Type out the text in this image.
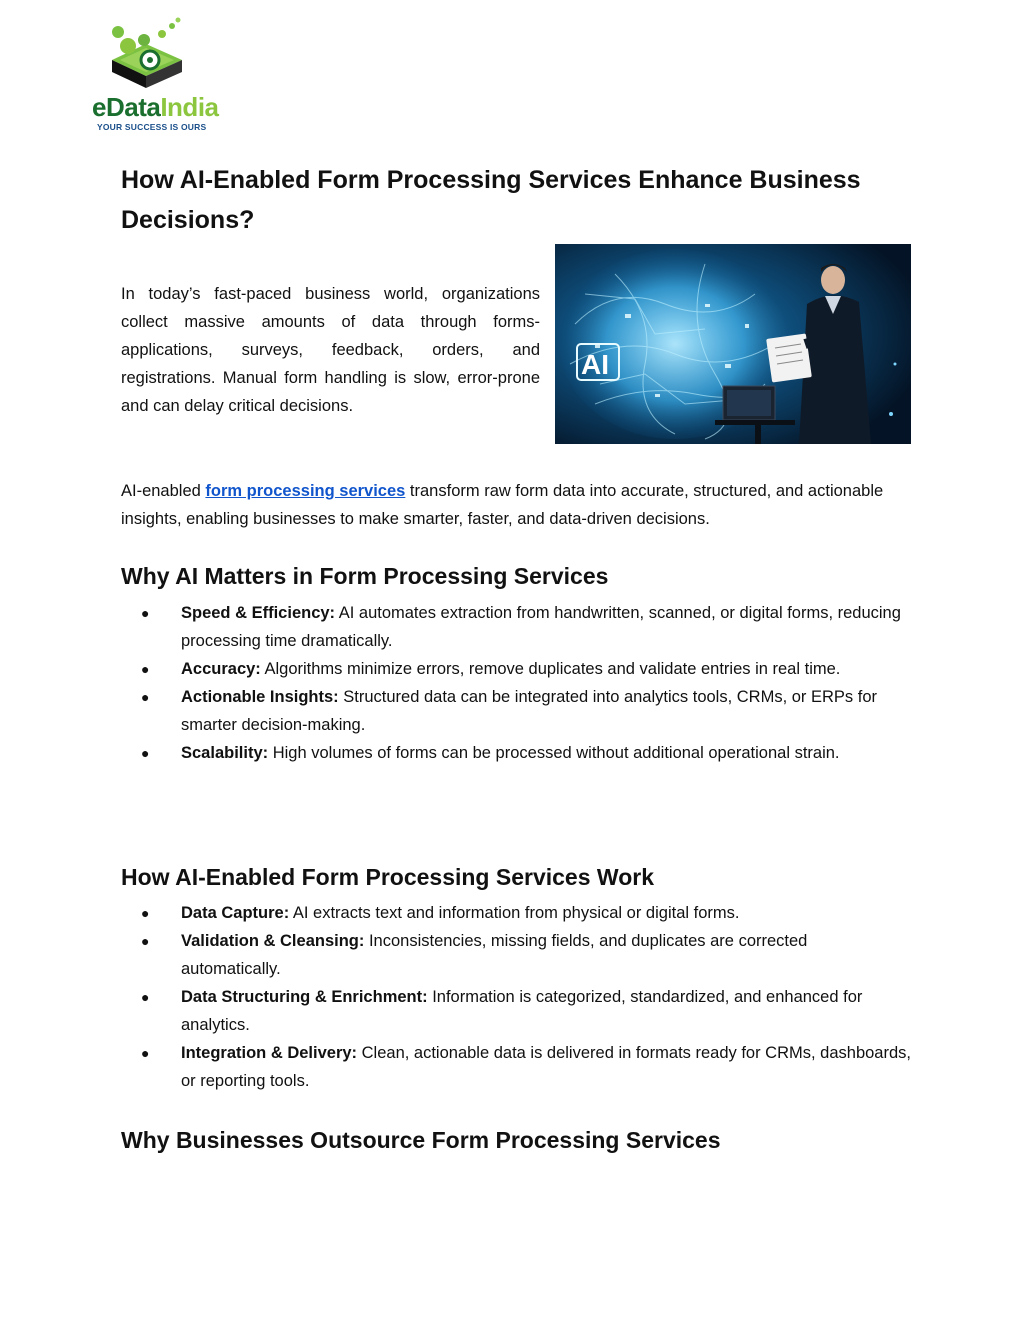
eDataIndia
YOUR SUCCESS IS OURS
How AI-Enabled Form Processing Services Enhance Business Decisions?

In today’s fast-paced business world, organizations collect massive amounts of data through forms-applications, surveys, feedback, orders, and registrations. Manual form handling is slow, error-prone and can delay critical decisions.

AI

AI-enabled form processing services transform raw form data into accurate, structured, and actionable insights, enabling businesses to make smarter, faster, and data-driven decisions.

Why AI Matters in Form Processing Services
● Speed & Efficiency: AI automates extraction from handwritten, scanned, or digital forms, reducing processing time dramatically.
● Accuracy: Algorithms minimize errors, remove duplicates and validate entries in real time.
● Actionable Insights: Structured data can be integrated into analytics tools, CRMs, or ERPs for smarter decision-making.
● Scalability: High volumes of forms can be processed without additional operational strain.
How AI-Enabled Form Processing Services Work
● Data Capture: AI extracts text and information from physical or digital forms.
● Validation & Cleansing: Inconsistencies, missing fields, and duplicates are corrected automatically.
● Data Structuring & Enrichment: Information is categorized, standardized, and enhanced for analytics.
● Integration & Delivery: Clean, actionable data is delivered in formats ready for CRMs, dashboards, or reporting tools.
Why Businesses Outsource Form Processing Services
